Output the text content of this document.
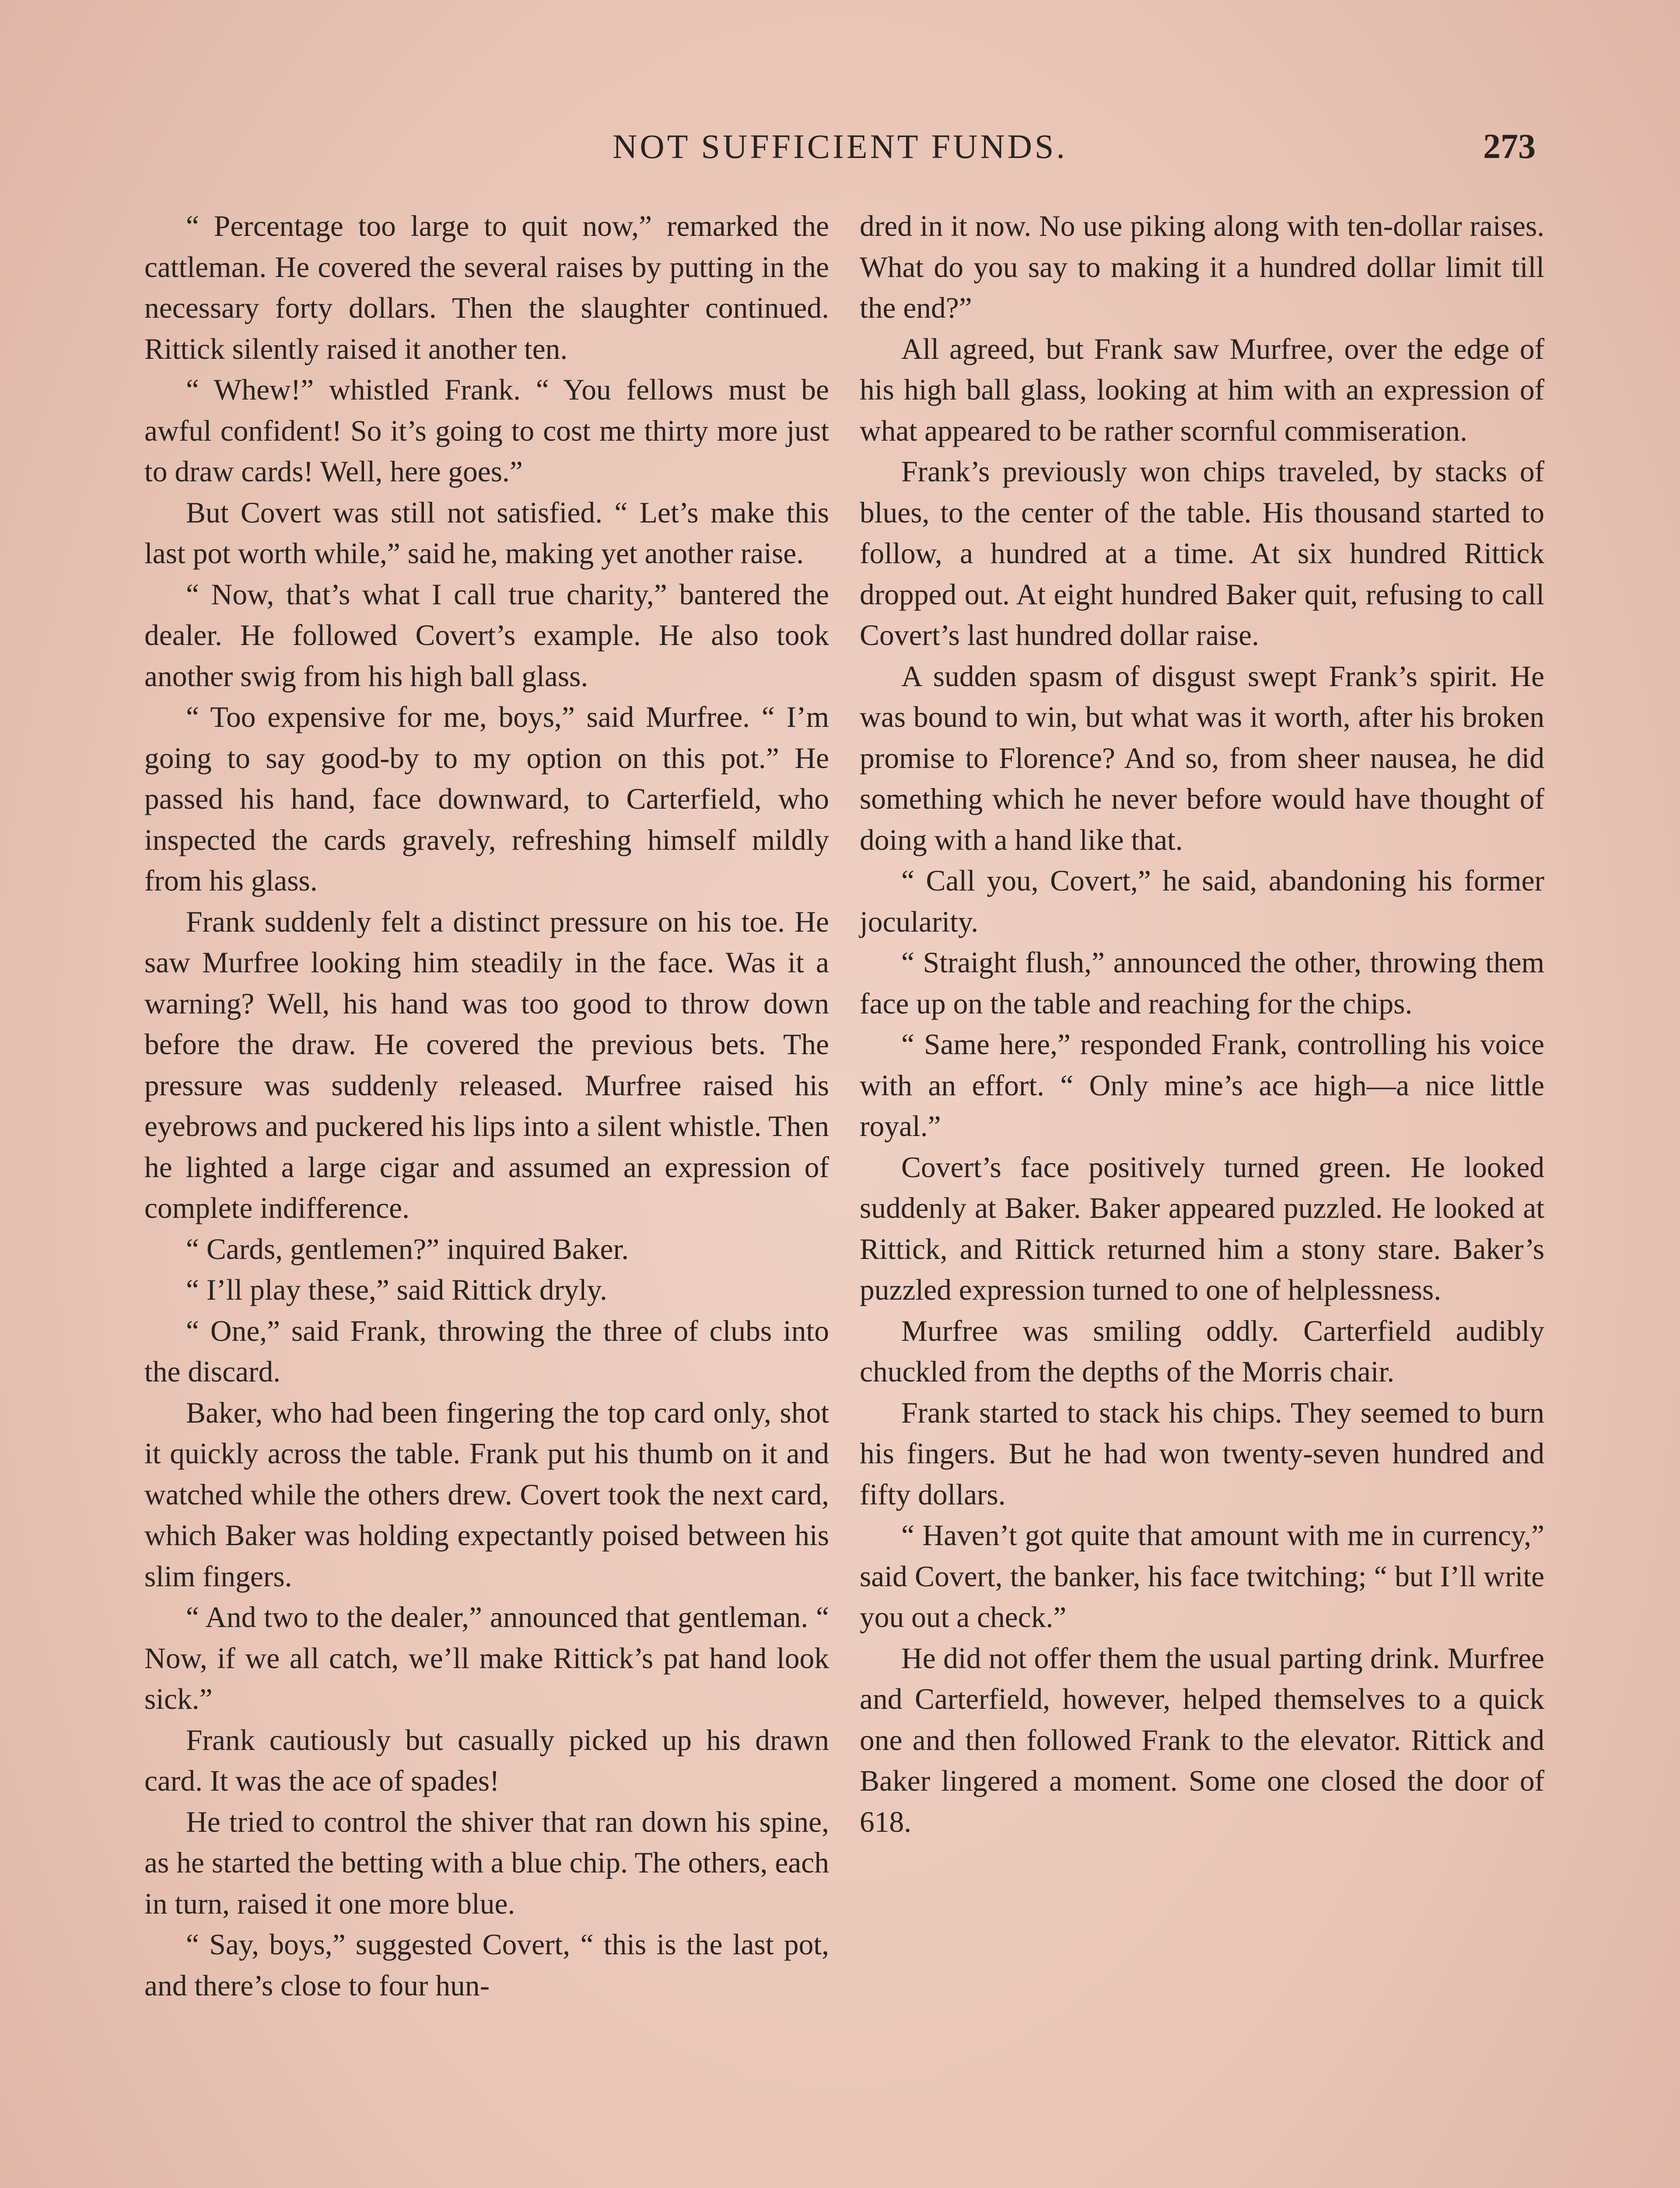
NOT SUFFICIENT FUNDS.	273

“ Percentage too large to quit now,” remarked the cattleman. He covered the several raises by putting in the necessary forty dollars. Then the slaughter continued. Rittick silently raised it another ten.

“ Whew!” whistled Frank. “ You fellows must be awful confident! So it’s going to cost me thirty more just to draw cards! Well, here goes.”

But Covert was still not satisfied. “ Let’s make this last pot worth while,” said he, making yet another raise.

“ Now, that’s what I call true charity,” bantered the dealer. He followed Covert’s example. He also took another swig from his high ball glass.

“ Too expensive for me, boys,” said Murfree. “ I’m going to say good-by to my option on this pot.” He passed his hand, face downward, to Carterfield, who inspected the cards gravely, refreshing himself mildly from his glass.

Frank suddenly felt a distinct pressure on his toe. He saw Murfree looking him steadily in the face. Was it a warning? Well, his hand was too good to throw down before the draw. He covered the previous bets. The pressure was suddenly released. Murfree raised his eyebrows and puckered his lips into a silent whistle. Then he lighted a large cigar and assumed an expression of complete indifference.

“ Cards, gentlemen?” inquired Baker.

“ I’ll play these,” said Rittick dryly.

“ One,” said Frank, throwing the three of clubs into the discard.

Baker, who had been fingering the top card only, shot it quickly across the table. Frank put his thumb on it and watched while the others drew. Covert took the next card, which Baker was holding expectantly poised between his slim fingers.

“ And two to the dealer,” announced that gentleman. “ Now, if we all catch, we’ll make Rittick’s pat hand look sick.”

Frank cautiously but casually picked up his drawn card. It was the ace of spades!

He tried to control the shiver that ran down his spine, as he started the betting with a blue chip. The others, each in turn, raised it one more blue.

“ Say, boys,” suggested Covert, “ this is the last pot, and there’s close to four hun-

dred in it now. No use piking along with ten-dollar raises. What do you say to making it a hundred dollar limit till the end?”

All agreed, but Frank saw Murfree, over the edge of his high ball glass, looking at him with an expression of what appeared to be rather scornful commiseration.

Frank’s previously won chips traveled, by stacks of blues, to the center of the table. His thousand started to follow, a hundred at a time. At six hundred Rittick dropped out. At eight hundred Baker quit, refusing to call Covert’s last hundred dollar raise.

A sudden spasm of disgust swept Frank’s spirit. He was bound to win, but what was it worth, after his broken promise to Florence? And so, from sheer nausea, he did something which he never before would have thought of doing with a hand like that.

“ Call you, Covert,” he said, abandoning his former jocularity.

“ Straight flush,” announced the other, throwing them face up on the table and reaching for the chips.

“ Same here,” responded Frank, controlling his voice with an effort. “ Only mine’s ace high—a nice little royal.”

Covert’s face positively turned green. He looked suddenly at Baker. Baker appeared puzzled. He looked at Rittick, and Rittick returned him a stony stare. Baker’s puzzled expression turned to one of helplessness.

Murfree was smiling oddly. Carterfield audibly chuckled from the depths of the Morris chair.

Frank started to stack his chips. They seemed to burn his fingers. But he had won twenty-seven hundred and fifty dollars.

“ Haven’t got quite that amount with me in currency,” said Covert, the banker, his face twitching; “ but I’ll write you out a check.”

He did not offer them the usual parting drink. Murfree and Carterfield, however, helped themselves to a quick one and then followed Frank to the elevator. Rittick and Baker lingered a moment. Some one closed the door of 618.
